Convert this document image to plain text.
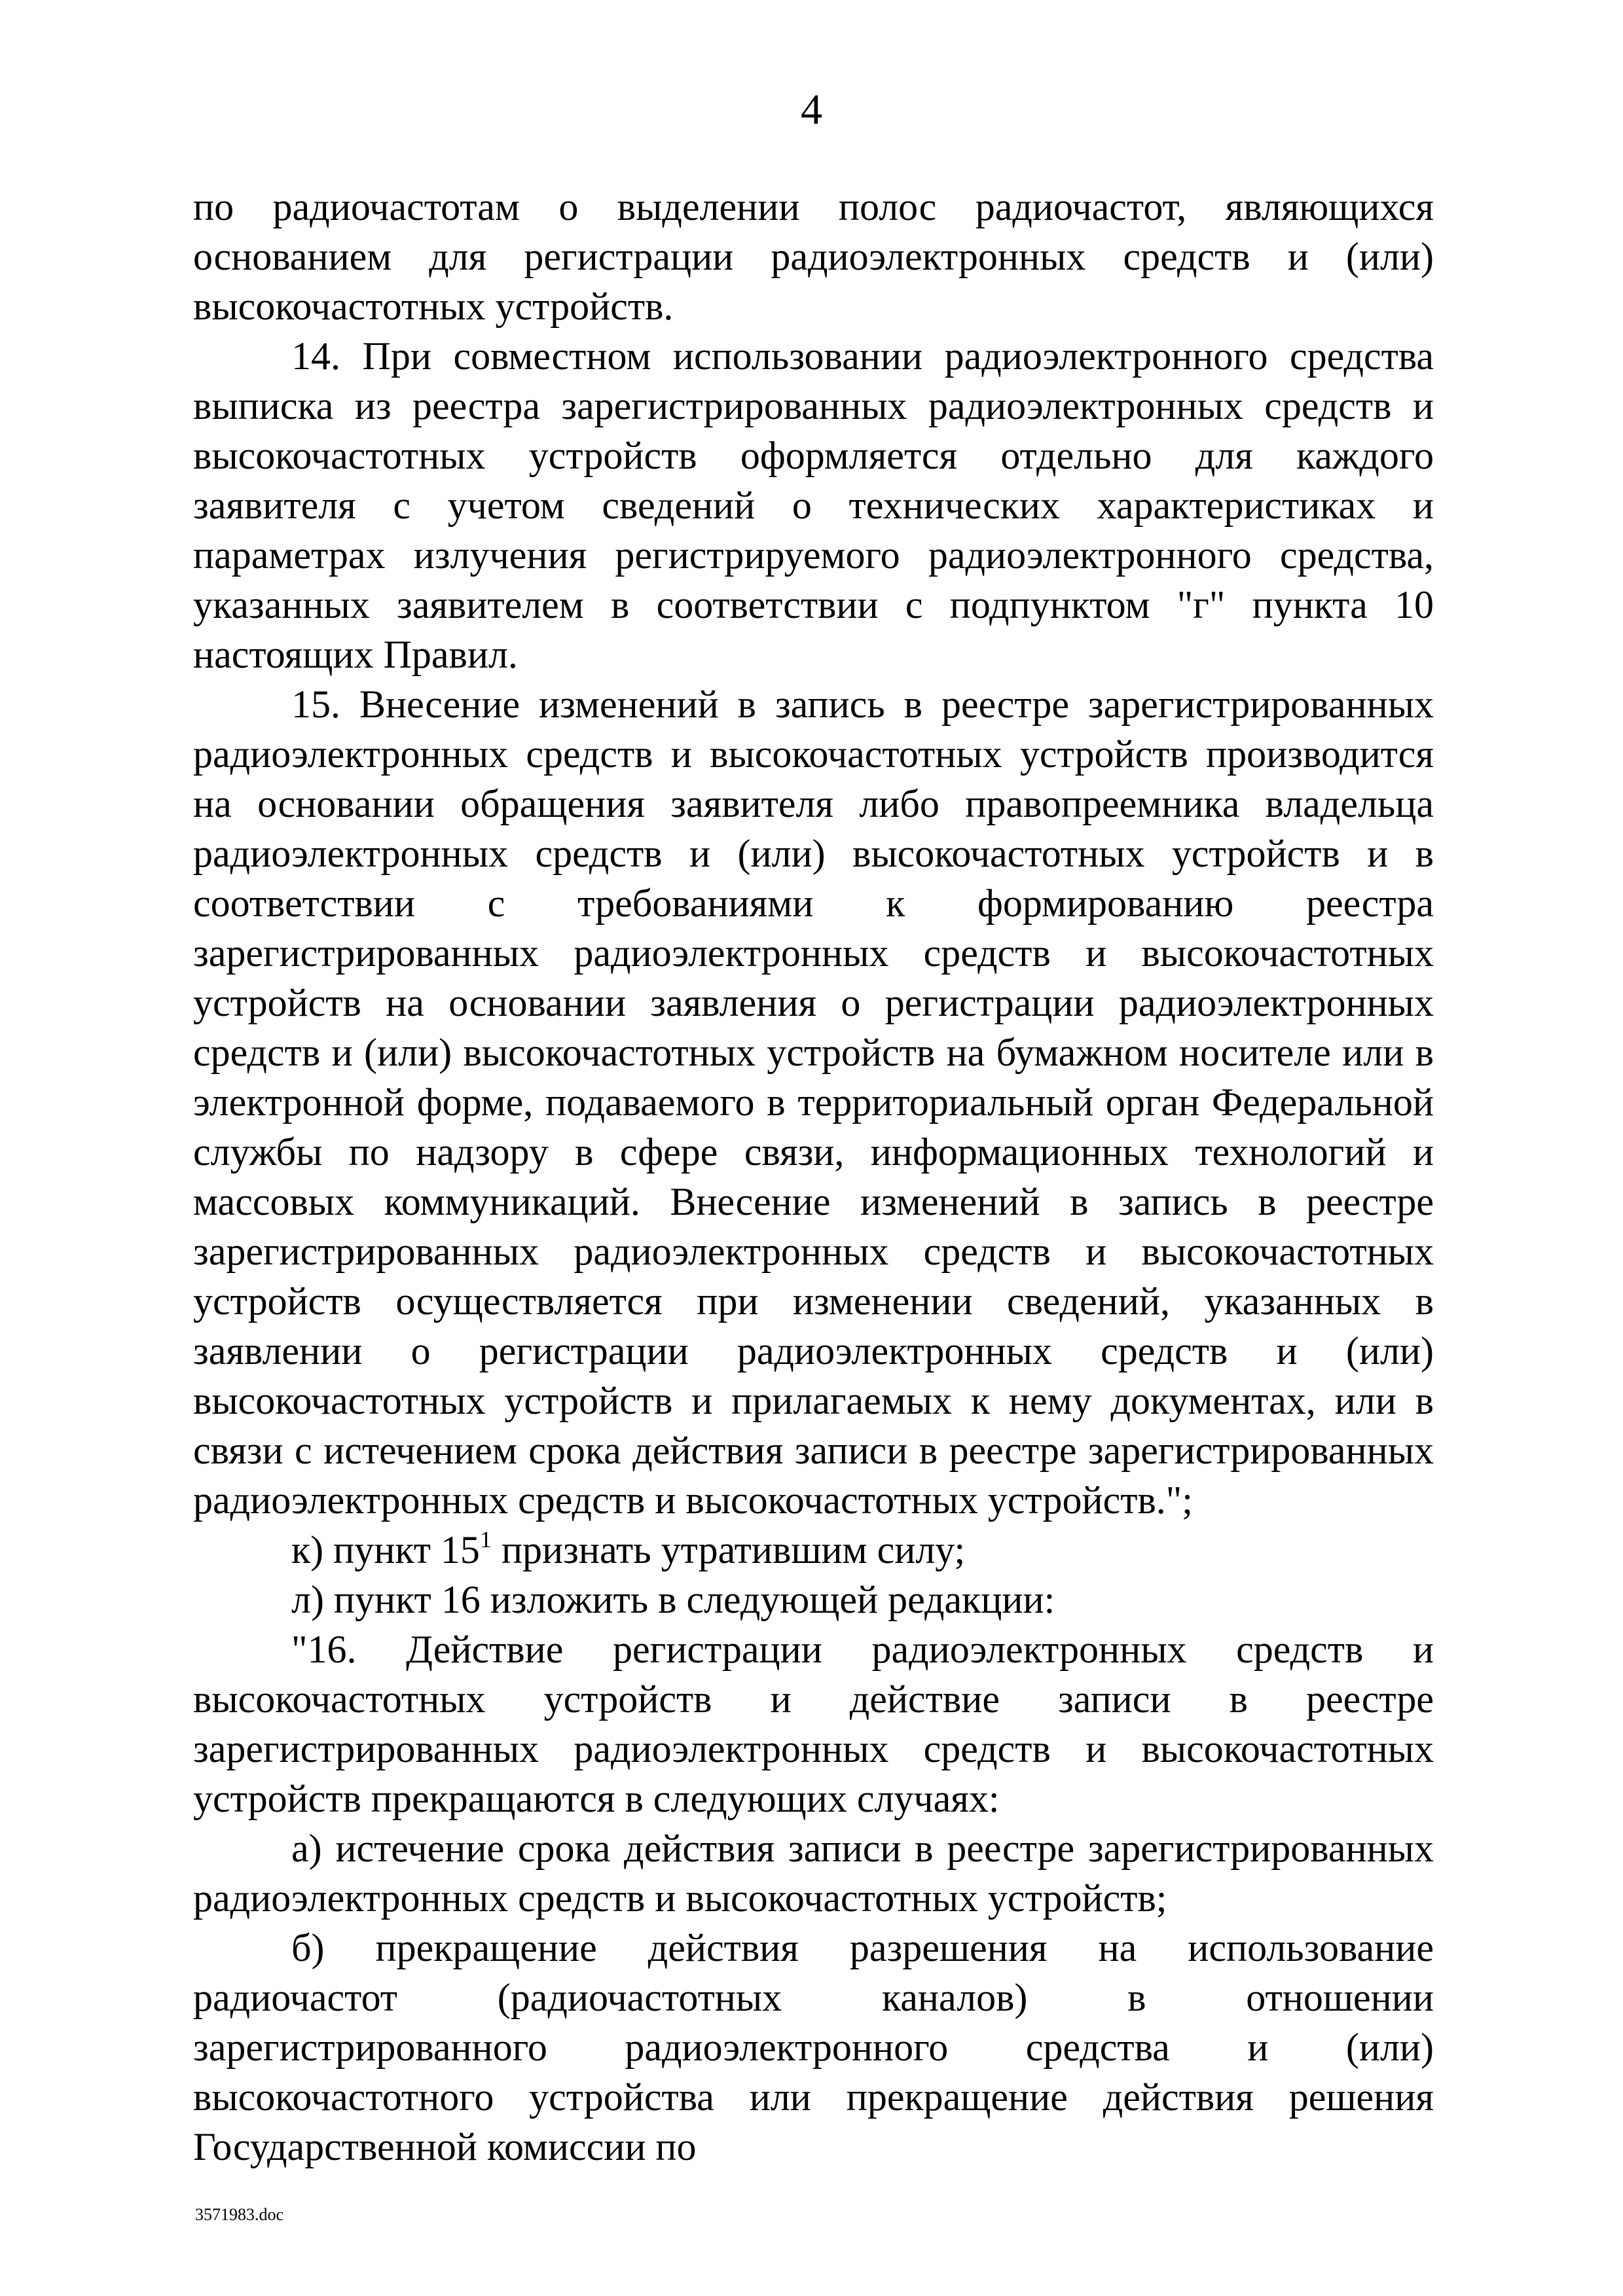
4

по радиочастотам о выделении полос радиочастот, являющихся основанием для регистрации радиоэлектронных средств и (или) высокочастотных устройств.

14. При совместном использовании радиоэлектронного средства выписка из реестра зарегистрированных радиоэлектронных средств и высокочастотных устройств оформляется отдельно для каждого заявителя с учетом сведений о технических характеристиках и параметрах излучения регистрируемого радиоэлектронного средства, указанных заявителем в соответствии с подпунктом "г" пункта 10 настоящих Правил.

15. Внесение изменений в запись в реестре зарегистрированных радиоэлектронных средств и высокочастотных устройств производится на основании обращения заявителя либо правопреемника владельца радиоэлектронных средств и (или) высокочастотных устройств и в соответствии с требованиями к формированию реестра зарегистрированных радиоэлектронных средств и высокочастотных устройств на основании заявления о регистрации радиоэлектронных средств и (или) высокочастотных устройств на бумажном носителе или в электронной форме, подаваемого в территориальный орган Федеральной службы по надзору в сфере связи, информационных технологий и массовых коммуникаций. Внесение изменений в запись в реестре зарегистрированных радиоэлектронных средств и высокочастотных устройств осуществляется при изменении сведений, указанных в заявлении о регистрации радиоэлектронных средств и (или) высокочастотных устройств и прилагаемых к нему документах, или в связи с истечением срока действия записи в реестре зарегистрированных радиоэлектронных средств и высокочастотных устройств.";

к) пункт 15$^1$ признать утратившим силу;

л) пункт 16 изложить в следующей редакции:

"16. Действие регистрации радиоэлектронных средств и высокочастотных устройств и действие записи в реестре зарегистрированных радиоэлектронных средств и высокочастотных устройств прекращаются в следующих случаях:

а) истечение срока действия записи в реестре зарегистрированных радиоэлектронных средств и высокочастотных устройств;

б) прекращение действия разрешения на использование радиочастот (радиочастотных каналов) в отношении зарегистрированного радиоэлектронного средства и (или) высокочастотного устройства или прекращение действия решения Государственной комиссии по

3571983.doc
